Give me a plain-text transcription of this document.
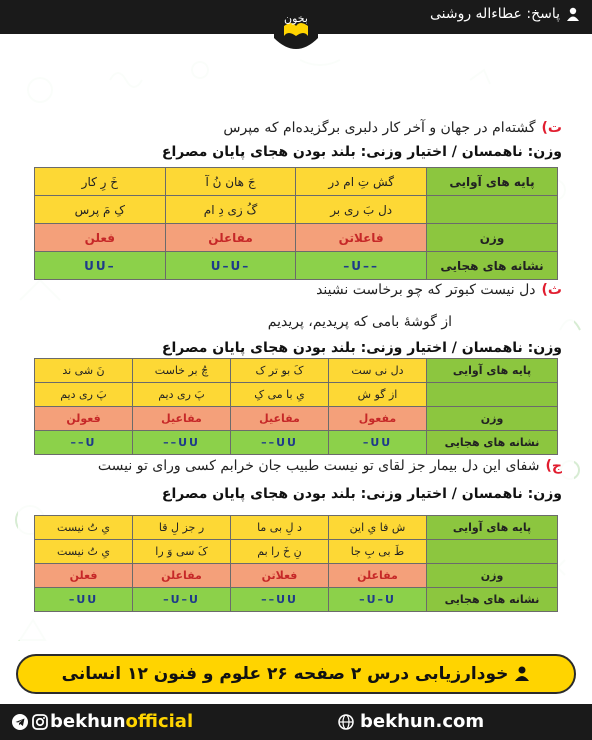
پاسخ: عطاءاله روشنی
بخون
ت)گشته‌ام در جهان و آخر کار دلبری برگزیده‌ام که مپرس
وزن: ناهمسان / اختیار وزنی: بلند بودن هجای پایان مصراع
پایه های آوایی	گش تِ ام در	جَ هان نُ آ	خَ رِ کار
	دل بَ ری بر	گُ زی دِ ام	کِ مَ پرس
وزن	فاعلاتن	مفاعلن	فعلن
نشانه های هجایی	–U––	U–U–	UU–
ث)دل نیست کبوتر که چو برخاست نشیند
از گوشهٔ بامی که پریدیم، پریدیم
وزن: ناهمسان / اختیار وزنی: بلند بودن هجای پایان مصراع
پایه های آوایی	دل نی ست	کَ بو تر ک	چُ بر خاست	نَ شی ند
	از گو ش	یِ با می کِ	پَ ری دیم	پَ ری دیم
وزن	مفعول	مفاعیل	مفاعیل	فعولن
نشانه های هجایی	–UU	––UU	––UU	––U
ج)شفای این دل بیمار جز لقای تو نیست طبیب جان خرابم کسی ورای تو نیست
وزن: ناهمسان / اختیار وزنی: بلند بودن هجای پایان مصراع
پایه های آوایی	ش فا یِ این	د لِ بی ما	ر جز لِ قا	یِ تُ نیست
	طَ بی بِ جا	نِ خَ را بم	کَ سی وَ را	یِ تُ نیست
وزن	مفاعلن	فعلاتن	مفاعلن	فعلن
نشانه های هجایی	–U–U	––UU	–U–U	–UU
خودارزیابی درس ۲ صفحه ۲۶ علوم و فنون ۱۲ انسانی
bekhunofficial	bekhun.com
